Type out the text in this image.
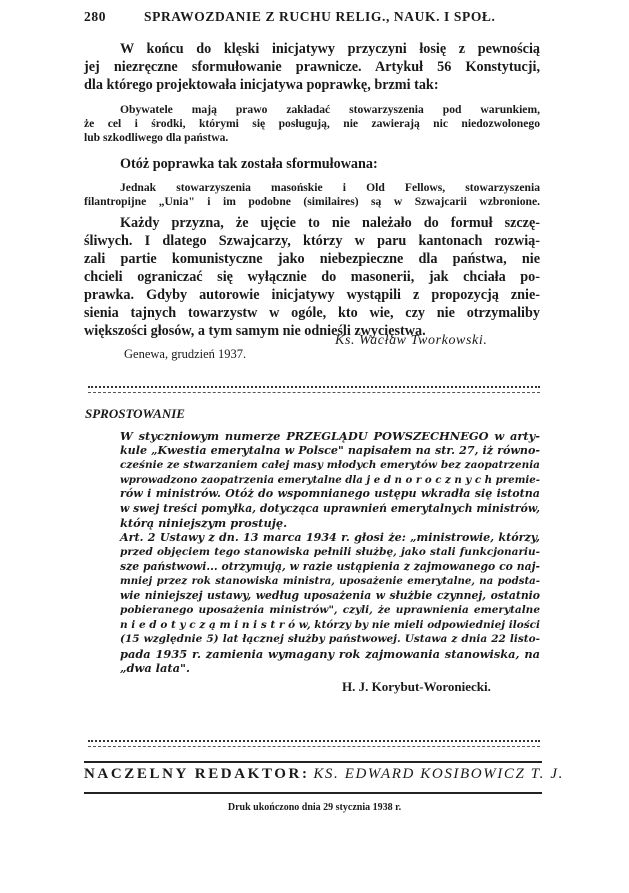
280	SPRAWOZDANIE Z RUCHU RELIG., NAUK. I SPOŁ.
W końcu do klęski inicjatywy przyczyni łosię z pewnością
jej niezręczne sformułowanie prawnicze. Artykuł 56 Konstytucji,
dla którego projektowała inicjatywa poprawkę, brzmi tak:
Obywatele mają prawo zakładać stowarzyszenia pod warunkiem,
że cel i środki, którymi się posługują, nie zawierają nic niedozwolonego
lub szkodliwego dla państwa.
Otóż poprawka tak została sformułowana:
Jednak stowarzyszenia masońskie i Old Fellows, stowarzyszenia
filantropijne „Unia" i im podobne (similaires) są w Szwajcarii wzbronione.
Każdy przyzna, że ujęcie to nie należało do formuł szczę-
śliwych. I dlatego Szwajcarzy, którzy w paru kantonach rozwią-
zali partie komunistyczne jako niebezpieczne dla państwa, nie
chcieli ograniczać się wyłącznie do masonerii, jak chciała po-
prawka. Gdyby autorowie inicjatywy wystąpili z propozycją znie-
sienia tajnych towarzystw w ogóle, kto wie, czy nie otrzymaliby
większości głosów, a tym samym nie odnieśli zwycięstwa.
Ks. Wacław Tworkowski.
Genewa, grudzień 1937.
SPROSTOWANIE
W styczniowym numerze PRZEGLĄDU POWSZECHNEGO w arty-
kule „Kwestia emerytalna w Polsce" napisałem na str. 27, iż równo-
cześnie ze stwarzaniem całej masy młodych emerytów bez zaopatrzenia
wprowadzono zaopatrzenia emerytalne dla j e d n o r o c z n y c h premie-
rów i ministrów. Otóż do wspomnianego ustępu wkradła się istotna
w swej treści pomyłka, dotycząca uprawnień emerytalnych ministrów,
którą niniejszym prostuję.
Art. 2 Ustawy z dn. 13 marca 1934 r. głosi że: „ministrowie, którzy,
przed objęciem tego stanowiska pełnili służbę, jako stali funkcjonariu-
sze państwowi... otrzymują, w razie ustąpienia z zajmowanego co naj-
mniej przez rok stanowiska ministra, uposażenie emerytalne, na podsta-
wie niniejszej ustawy, według uposażenia w służbie czynnej, ostatnio
pobieranego uposażenia ministrów", czyli, że uprawnienia emerytalne
n i e d o t y c z ą m i n i s t r ó w, którzy by nie mieli odpowiedniej ilości
(15 względnie 5) lat łącznej służby państwowej. Ustawa z dnia 22 listo-
pada 1935 r. zamienia wymagany rok zajmowania stanowiska, na
„dwa lata".
H. J. Korybut-Woroniecki.
NACZELNY REDAKTOR: KS. EDWARD KOSIBOWICZ T. J.
Druk ukończono dnia 29 stycznia 1938 r.
